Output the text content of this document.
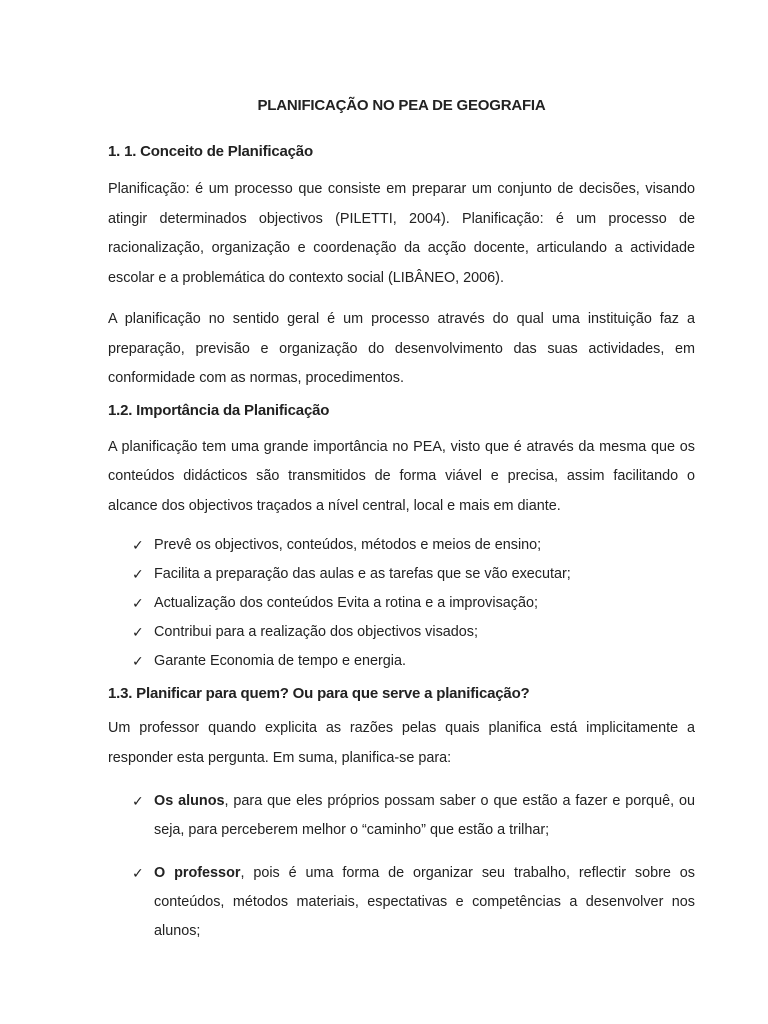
PLANIFICAÇÃO NO PEA DE GEOGRAFIA
1. 1. Conceito de Planificação

Planificação: é um processo que consiste em preparar um conjunto de decisões, visando atingir determinados objectivos (PILETTI, 2004). Planificação: é um processo de racionalização, organização e coordenação da acção docente, articulando a actividade escolar e a problemática do contexto social (LIBÂNEO, 2006).

A planificação no sentido geral é um processo através do qual uma instituição faz a preparação, previsão e organização do desenvolvimento das suas actividades, em conformidade com as normas, procedimentos.

1.2. Importância da Planificação

A planificação tem uma grande importância no PEA, visto que é através da mesma que os conteúdos didácticos são transmitidos de forma viável e precisa, assim facilitando o alcance dos objectivos traçados a nível central, local e mais em diante.

✓ Prevê os objectivos, conteúdos, métodos e meios de ensino;
✓ Facilita a preparação das aulas e as tarefas que se vão executar;
✓ Actualização dos conteúdos Evita a rotina e a improvisação;
✓ Contribui para a realização dos objectivos visados;
✓ Garante Economia de tempo e energia.
1.3. Planificar para quem? Ou para que serve a planificação?

Um professor quando explicita as razões pelas quais planifica está implicitamente a responder esta pergunta. Em suma, planifica-se para:

✓ Os alunos, para que eles próprios possam saber o que estão a fazer e porquê, ou seja, para perceberem melhor o “caminho” que estão a trilhar;
✓ O professor, pois é uma forma de organizar seu trabalho, reflectir sobre os conteúdos, métodos materiais, espectativas e competências a desenvolver nos alunos;
